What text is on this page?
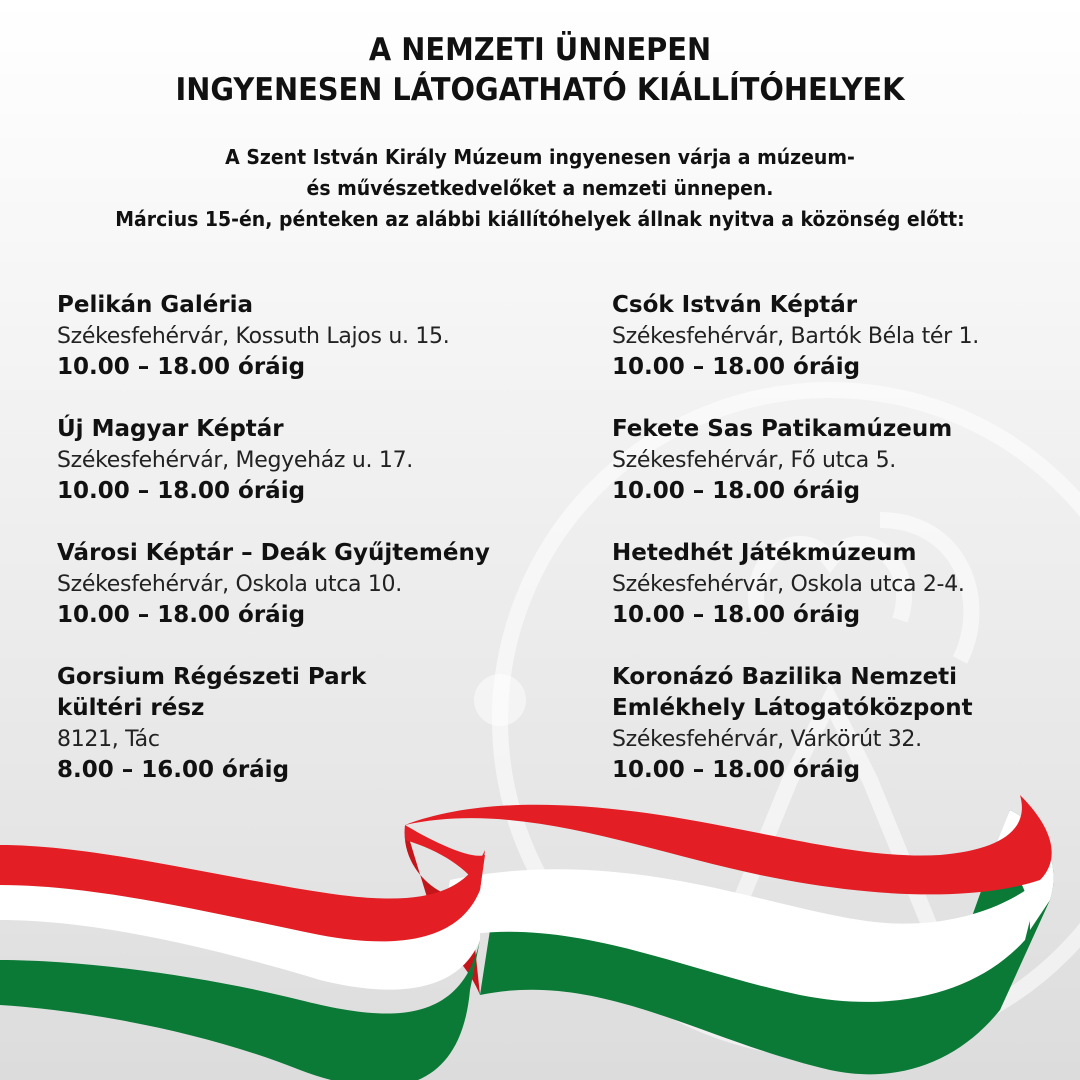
A NEMZETI ÜNNEPEN
INGYENESEN LÁTOGATHATÓ KIÁLLÍTÓHELYEK
A Szent István Király Múzeum ingyenesen várja a múzeum-
és művészetkedvelőket a nemzeti ünnepen.
Március 15-én, pénteken az alábbi kiállítóhelyek állnak nyitva a közönség előtt:
Pelikán Galéria
Székesfehérvár, Kossuth Lajos u. 15.
10.00 – 18.00 óráig
Új Magyar Képtár
Székesfehérvár, Megyeház u. 17.
10.00 – 18.00 óráig
Városi Képtár – Deák Gyűjtemény
Székesfehérvár, Oskola utca 10.
10.00 – 18.00 óráig
Gorsium Régészeti Park
kültéri rész
8121, Tác
8.00 – 16.00 óráig
Csók István Képtár
Székesfehérvár, Bartók Béla tér 1.
10.00 – 18.00 óráig
Fekete Sas Patikamúzeum
Székesfehérvár, Fő utca 5.
10.00 – 18.00 óráig
Hetedhét Játékmúzeum
Székesfehérvár, Oskola utca 2-4.
10.00 – 18.00 óráig
Koronázó Bazilika Nemzeti
Emlékhely Látogatóközpont
Székesfehérvár, Várkörút 32.
10.00 – 18.00 óráig
